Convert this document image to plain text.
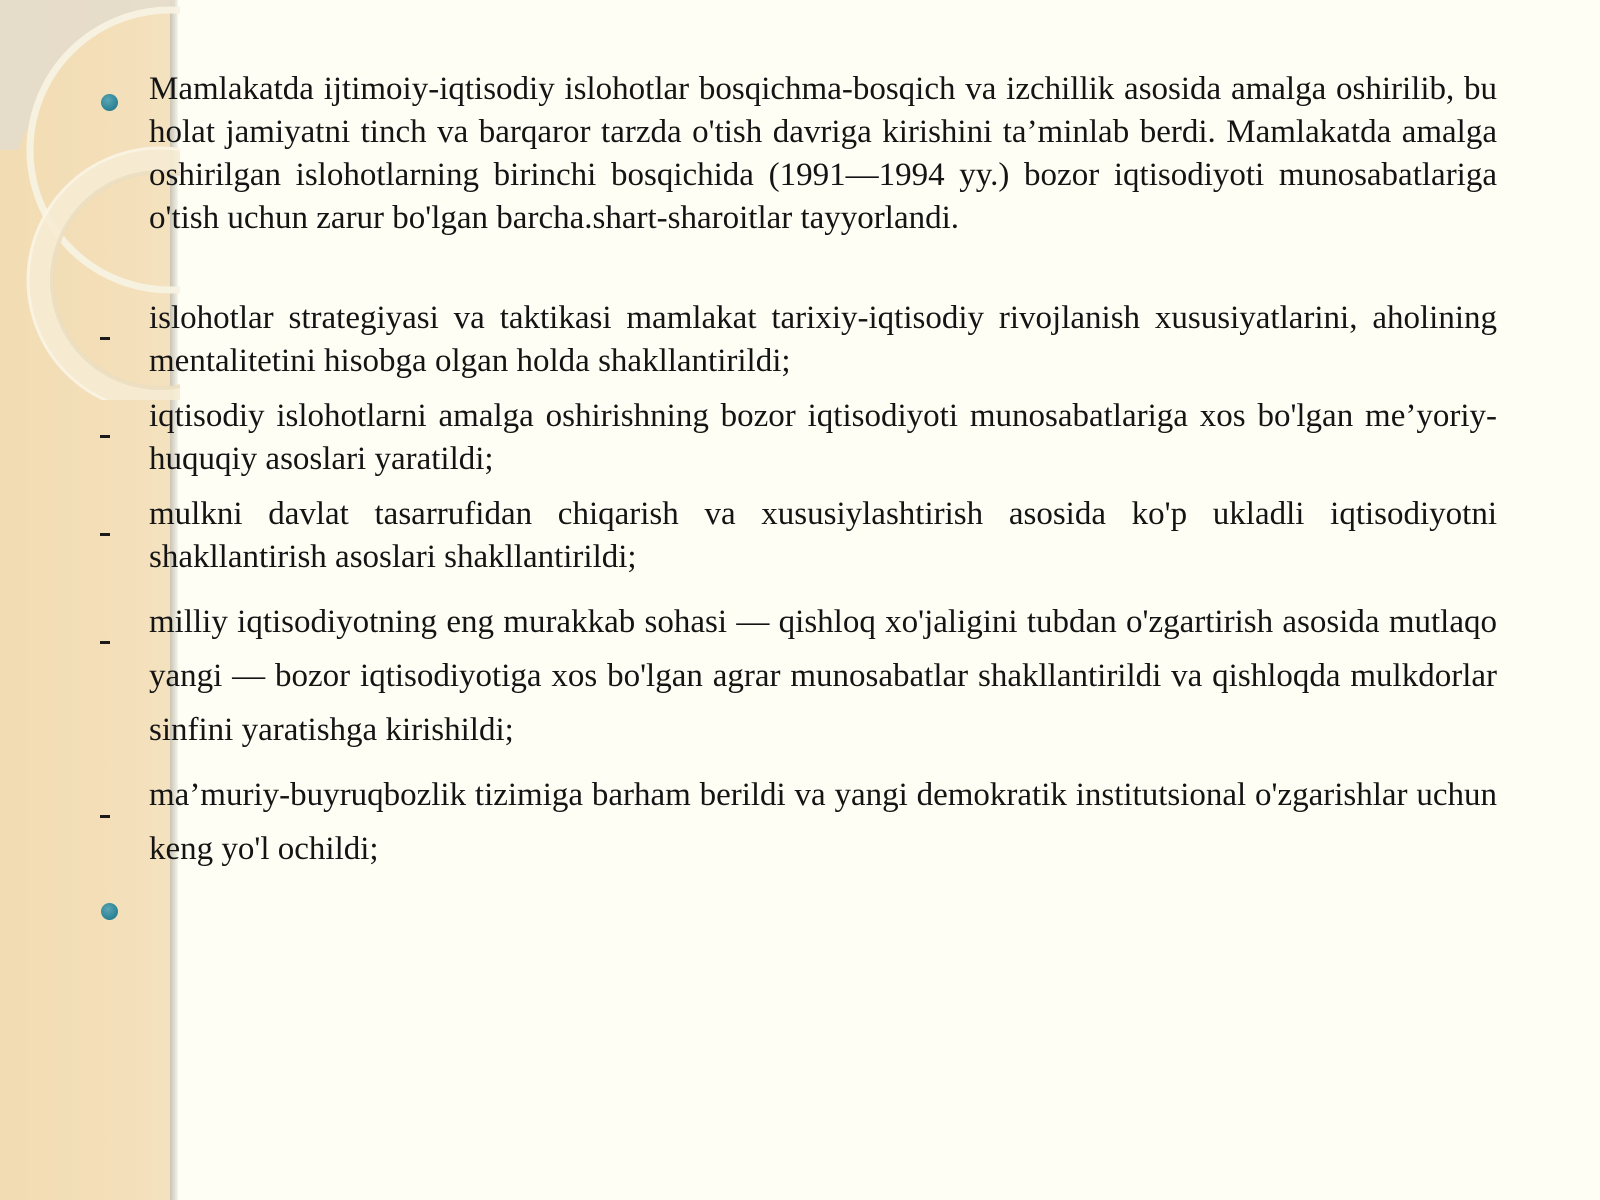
Mamlakatda ijtimoiy-iqtisodiy islohotlar bosqichma-bosqich va izchillik asosida amalga oshirilib, bu holat jamiyatni tinch va barqaror tarzda o'tish davriga kirishini ta’minlab berdi. Mamlakatda amalga oshirilgan islohotlarning birinchi bosqichida (1991—1994 yy.) bozor iqtisodiyoti munosabatlariga o'tish uchun zarur bo'lgan barcha.shart-sharoitlar tayyorlandi.
islohotlar strategiyasi va taktikasi mamlakat tarixiy-iqtisodiy rivojlanish xususiyatlarini, aholining mentalitetini hisobga olgan holda shakllantirildi;
iqtisodiy islohotlarni amalga oshirishning bozor iqtisodiyoti munosabatlariga xos bo'lgan me’yoriy-huquqiy asoslari yaratildi;
mulkni davlat tasarrufidan chiqarish va xususiylashtirish asosida ko'p ukladli iqtisodiyotni shakllantirish asoslari shakllantirildi;
milliy iqtisodiyotning eng murakkab sohasi — qishloq xo'jaligini tubdan o'zgartirish asosida mutlaqo yangi — bozor iqtisodiyotiga xos bo'lgan agrar munosabatlar shakllantirildi va qishloqda mulkdorlar sinfini yaratishga kirishildi;
ma’muriy-buyruqbozlik tizimiga barham berildi va yangi demokratik institutsional o'zgarishlar uchun keng yo'l ochildi;
